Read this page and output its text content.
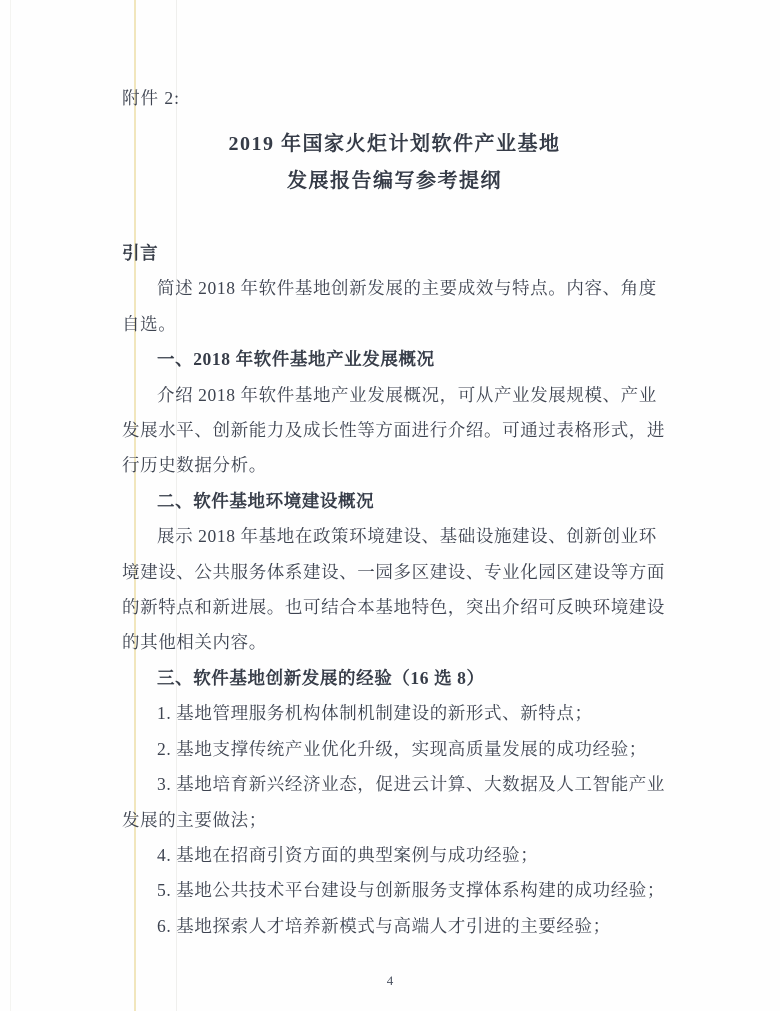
附件 2:
2019 年国家火炬计划软件产业基地
发展报告编写参考提纲
引言
简述 2018 年软件基地创新发展的主要成效与特点。内容、角度
自选。
一、2018 年软件基地产业发展概况
介绍 2018 年软件基地产业发展概况，可从产业发展规模、产业
发展水平、创新能力及成长性等方面进行介绍。可通过表格形式，进
行历史数据分析。
二、软件基地环境建设概况
展示 2018 年基地在政策环境建设、基础设施建设、创新创业环
境建设、公共服务体系建设、一园多区建设、专业化园区建设等方面
的新特点和新进展。也可结合本基地特色，突出介绍可反映环境建设
的其他相关内容。
三、软件基地创新发展的经验（16 选 8）
1. 基地管理服务机构体制机制建设的新形式、新特点；
2. 基地支撑传统产业优化升级，实现高质量发展的成功经验；
3. 基地培育新兴经济业态，促进云计算、大数据及人工智能产业
发展的主要做法；
4. 基地在招商引资方面的典型案例与成功经验；
5. 基地公共技术平台建设与创新服务支撑体系构建的成功经验；
6. 基地探索人才培养新模式与高端人才引进的主要经验；
4
